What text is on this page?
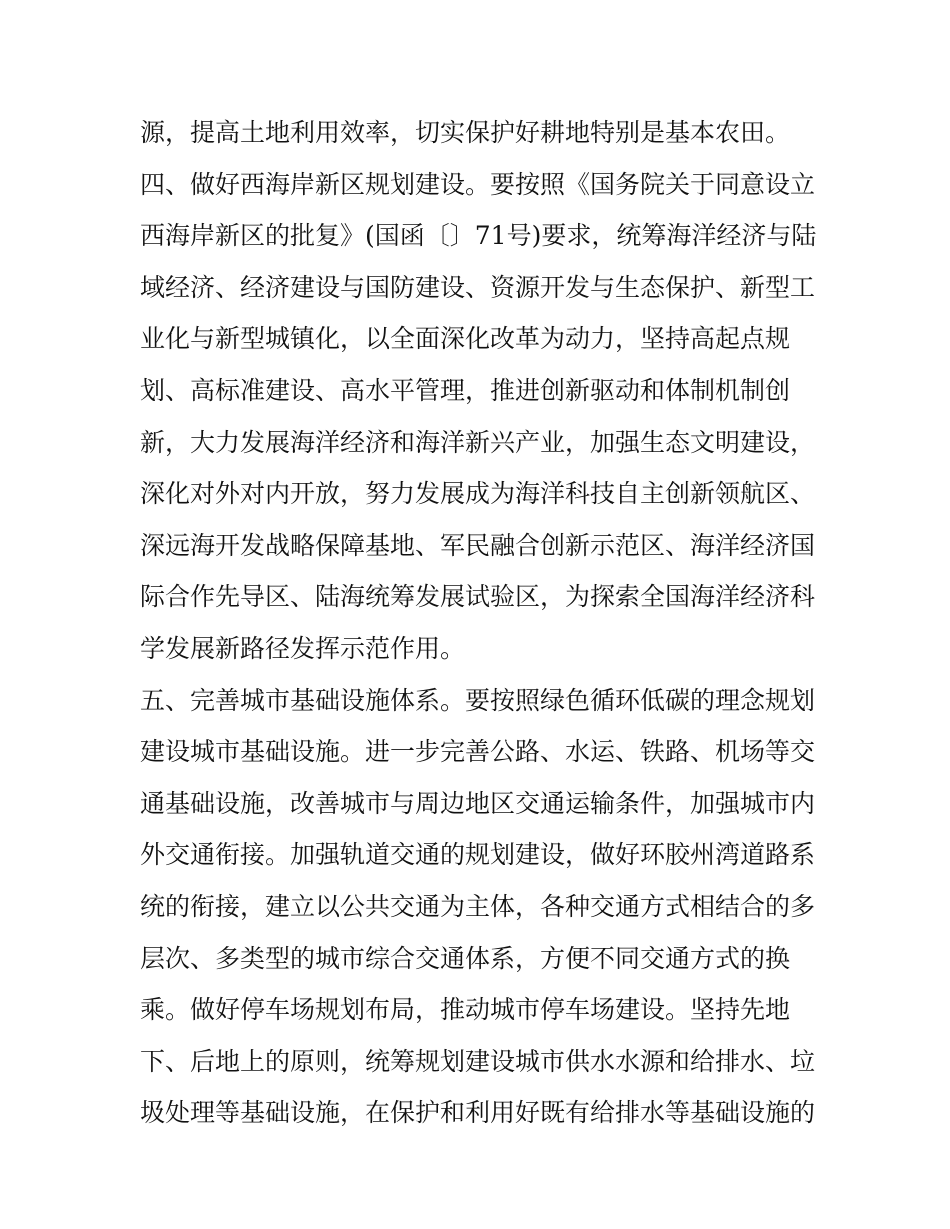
源，提高土地利用效率，切实保护好耕地特别是基本农田。
四、做好西海岸新区规划建设。要按照《国务院关于同意设立
西海岸新区的批复》(国函〔〕71号)要求，统筹海洋经济与陆
域经济、经济建设与国防建设、资源开发与生态保护、新型工
业化与新型城镇化，以全面深化改革为动力，坚持高起点规
划、高标准建设、高水平管理，推进创新驱动和体制机制创
新，大力发展海洋经济和海洋新兴产业，加强生态文明建设，
深化对外对内开放，努力发展成为海洋科技自主创新领航区、
深远海开发战略保障基地、军民融合创新示范区、海洋经济国
际合作先导区、陆海统筹发展试验区，为探索全国海洋经济科
学发展新路径发挥示范作用。
五、完善城市基础设施体系。要按照绿色循环低碳的理念规划
建设城市基础设施。进一步完善公路、水运、铁路、机场等交
通基础设施，改善城市与周边地区交通运输条件，加强城市内
外交通衔接。加强轨道交通的规划建设，做好环胶州湾道路系
统的衔接，建立以公共交通为主体，各种交通方式相结合的多
层次、多类型的城市综合交通体系，方便不同交通方式的换
乘。做好停车场规划布局，推动城市停车场建设。坚持先地
下、后地上的原则，统筹规划建设城市供水水源和给排水、垃
圾处理等基础设施，在保护和利用好既有给排水等基础设施的
